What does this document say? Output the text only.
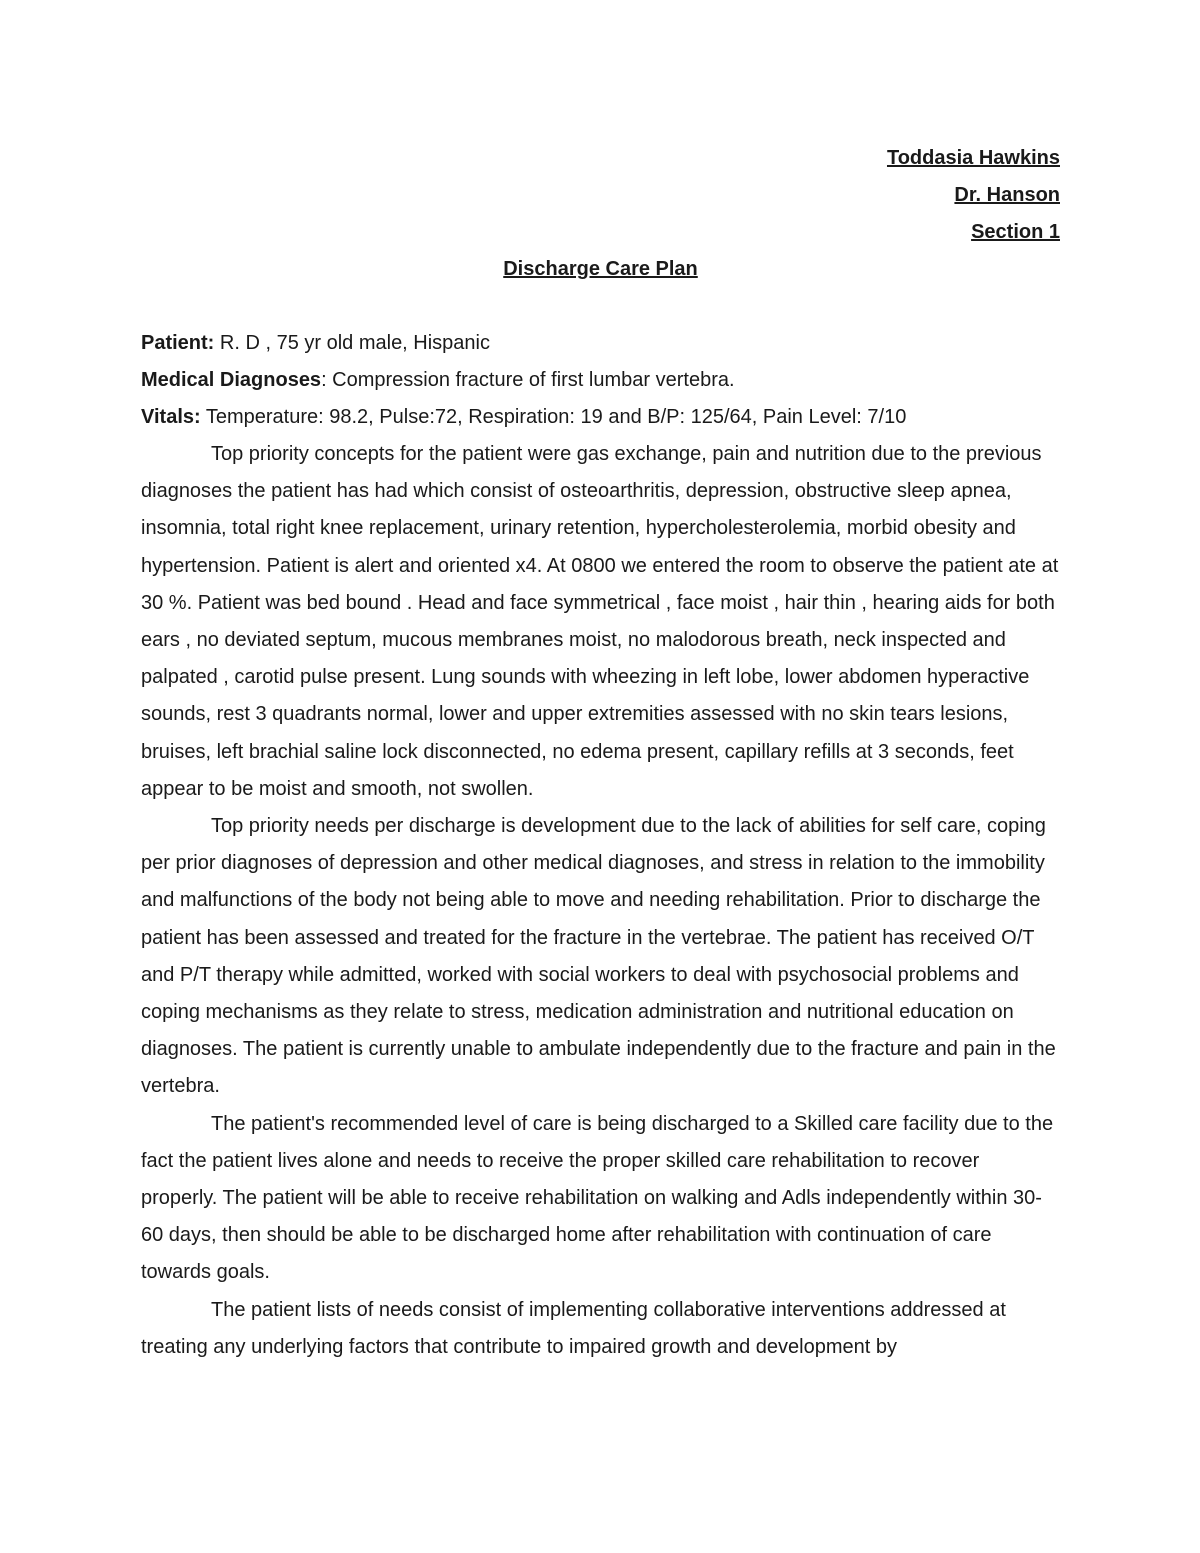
Toddasia Hawkins
Dr. Hanson
Section 1
Discharge Care Plan

Patient: R. D , 75 yr old male, Hispanic

Medical Diagnoses: Compression fracture of first lumbar vertebra.

Vitals: Temperature: 98.2, Pulse:72, Respiration: 19 and B/P: 125/64, Pain Level: 7/10

Top priority concepts for the patient were gas exchange, pain and nutrition due to the previous diagnoses the patient has had which consist of osteoarthritis, depression, obstructive sleep apnea, insomnia, total right knee replacement, urinary retention, hypercholesterolemia, morbid obesity and hypertension. Patient is alert and oriented x4. At 0800 we entered the room to observe the patient ate at 30 %. Patient was bed bound . Head and face symmetrical , face moist , hair thin , hearing aids for both ears , no deviated septum, mucous membranes moist, no malodorous breath, neck inspected and palpated , carotid pulse present. Lung sounds with wheezing in left lobe, lower abdomen hyperactive sounds, rest 3 quadrants normal, lower and upper extremities assessed with no skin tears lesions, bruises, left brachial saline lock disconnected, no edema present, capillary refills at 3 seconds, feet appear to be moist and smooth, not swollen.

Top priority needs per discharge is development due to the lack of abilities for self care, coping per prior diagnoses of depression and other medical diagnoses, and stress in relation to the immobility and malfunctions of the body not being able to move and needing rehabilitation. Prior to discharge the patient has been assessed and treated for the fracture in the vertebrae. The patient has received O/T and P/T therapy while admitted, worked with social workers to deal with psychosocial problems and coping mechanisms as they relate to stress, medication administration and nutritional education on diagnoses. The patient is currently unable to ambulate independently due to the fracture and pain in the vertebra.

The patient's recommended level of care is being discharged to a Skilled care facility due to the fact the patient lives alone and needs to receive the proper skilled care rehabilitation to recover properly. The patient will be able to receive rehabilitation on walking and Adls independently within 30-60 days, then should be able to be discharged home after rehabilitation with continuation of care towards goals.

The patient lists of needs consist of implementing collaborative interventions addressed at treating any underlying factors that contribute to impaired growth and development by
